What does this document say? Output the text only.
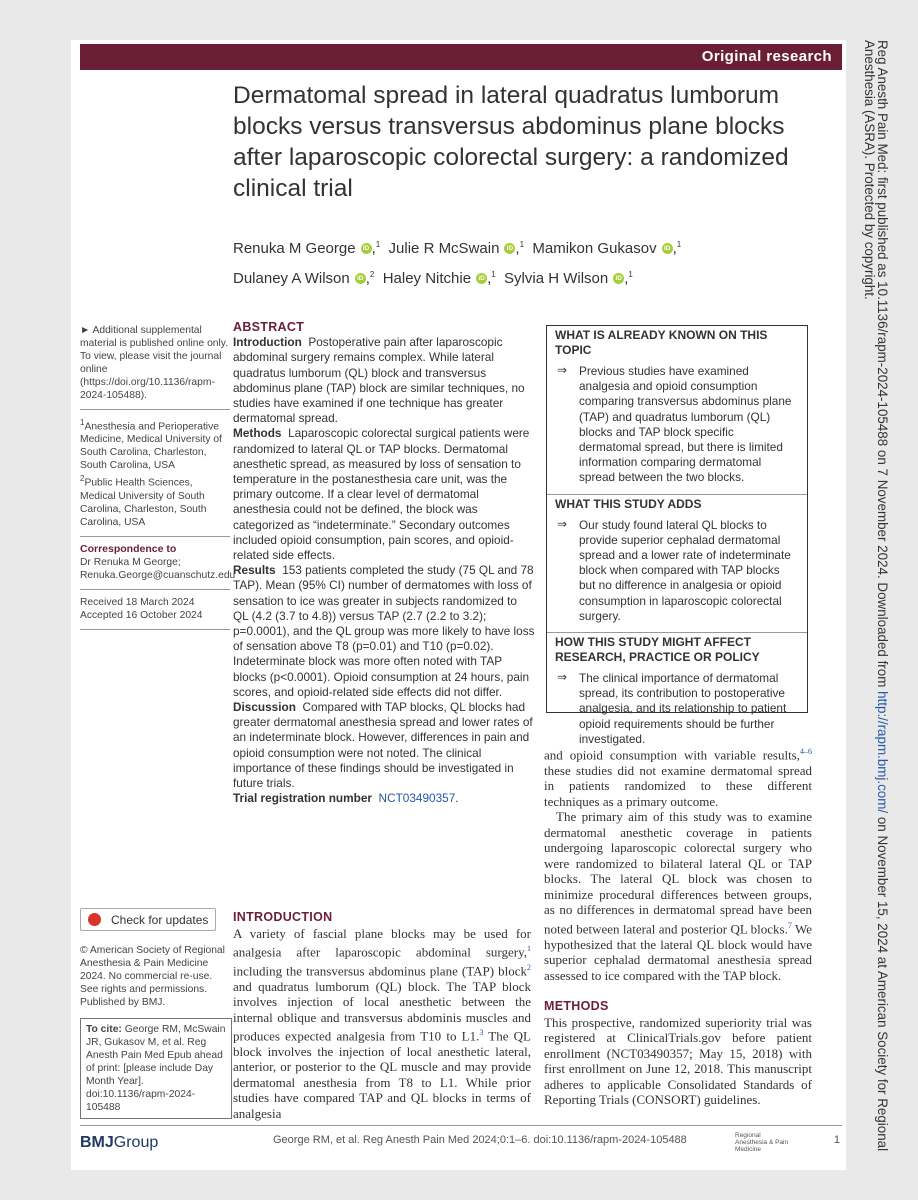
Original research
Dermatomal spread in lateral quadratus lumborum blocks versus transversus abdominus plane blocks after laparoscopic colorectal surgery: a randomized clinical trial
Renuka M George iD ,$^1$ Julie R McSwain iD ,$^1$ Mamikon Gukasov iD ,$^1$
Dulaney A Wilson iD ,$^2$ Haley Nitchie iD ,$^1$ Sylvia H Wilson iD ,$^1$

► Additional supplemental material is published online only. To view, please visit the journal online (https://doi.org/10.1136/rapm-2024-105488).

$^1$Anesthesia and Perioperative Medicine, Medical University of South Carolina, Charleston, South Carolina, USA

$^2$Public Health Sciences, Medical University of South Carolina, Charleston, South Carolina, USA

Correspondence to

Dr Renuka M George;

Renuka.George@cuanschutz.edu

Received 18 March 2024

Accepted 16 October 2024

ABSTRACT

Introduction Postoperative pain after laparoscopic abdominal surgery remains complex. While lateral quadratus lumborum (QL) block and transversus abdominus plane (TAP) block are similar techniques, no studies have examined if one technique has greater dermatomal spread.

Methods Laparoscopic colorectal surgical patients were randomized to lateral QL or TAP blocks. Dermatomal anesthetic spread, as measured by loss of sensation to temperature in the postanesthesia care unit, was the primary outcome. If a clear level of dermatomal anesthesia could not be defined, the block was categorized as “indeterminate.” Secondary outcomes included opioid consumption, pain scores, and opioid-related side effects.

Results 153 patients completed the study (75 QL and 78 TAP). Mean (95% CI) number of dermatomes with loss of sensation to ice was greater in subjects randomized to QL (4.2 (3.7 to 4.8)) versus TAP (2.7 (2.2 to 3.2); p=0.0001), and the QL group was more likely to have loss of sensation above T8 (p=0.01) and T10 (p=0.02). Indeterminate block was more often noted with TAP blocks (p<0.0001). Opioid consumption at 24 hours, pain scores, and opioid-related side effects did not differ.

Discussion Compared with TAP blocks, QL blocks had greater dermatomal anesthesia spread and lower rates of an indeterminate block. However, differences in pain and opioid consumption were not noted. The clinical importance of these findings should be investigated in future trials.

Trial registration number NCT03490357.

WHAT IS ALREADY KNOWN ON THIS TOPIC
⇒ Previous studies have examined analgesia and opioid consumption comparing transversus abdominus plane (TAP) and quadratus lumborum (QL) blocks and TAP block specific dermatomal spread, but there is limited information comparing dermatomal spread between the two blocks.
WHAT THIS STUDY ADDS
⇒ Our study found lateral QL blocks to provide superior cephalad dermatomal spread and a lower rate of indeterminate block when compared with TAP blocks but no difference in analgesia or opioid consumption in laparoscopic colorectal surgery.
HOW THIS STUDY MIGHT AFFECT RESEARCH, PRACTICE OR POLICY
⇒ The clinical importance of dermatomal spread, its contribution to postoperative analgesia, and its relationship to patient opioid requirements should be further investigated.

and opioid consumption with variable results,$^{4-6}$ these studies did not examine dermatomal spread in patients randomized to these different techniques as a primary outcome.

The primary aim of this study was to examine dermatomal anesthetic coverage in patients undergoing laparoscopic colorectal surgery who were randomized to bilateral lateral QL or TAP blocks. The lateral QL block was chosen to minimize procedural differences between groups, as no differences in dermatomal spread have been noted between lateral and posterior QL blocks.$^7$ We hypothesized that the lateral QL block would have superior cephalad dermatomal anesthesia spread assessed to ice compared with the TAP block.

METHODS

This prospective, randomized superiority trial was registered at ClinicalTrials.gov before patient enrollment (NCT03490357; May 15, 2018) with first enrollment on June 12, 2018. This manuscript adheres to applicable Consolidated Standards of Reporting Trials (CONSORT) guidelines.

INTRODUCTION

A variety of fascial plane blocks may be used for analgesia after laparoscopic abdominal surgery,$^1$ including the transversus abdominus plane (TAP) block$^2$ and quadratus lumborum (QL) block. The TAP block involves injection of local anesthetic between the internal oblique and transversus abdominis muscles and produces expected analgesia from T10 to L1.$^3$ The QL block involves the injection of local anesthetic lateral, anterior, or posterior to the QL muscle and may provide dermatomal anesthesia from T8 to L1. While prior studies have compared TAP and QL blocks in terms of analgesia

Check for updates

© American Society of Regional Anesthesia & Pain Medicine 2024. No commercial re-use. See rights and permissions. Published by BMJ.

To cite: George RM, McSwain JR, Gukasov M, et al. Reg Anesth Pain Med Epub ahead of print: [please include Day Month Year]. doi:10.1136/rapm-2024-105488
BMJGroup	George RM, et al. Reg Anesth Pain Med 2024;0:1–6. doi:10.1136/rapm-2024-105488	Regional
Anesthesia & Pain Medicine
1
Reg Anesth Pain Med: first published as 10.1136/rapm-2024-105488 on 7 November 2024. Downloaded from http://rapm.bmj.com/ on November 15, 2024 at American Society for Regional Anesthesia (ASRA). Protected by copyright.
